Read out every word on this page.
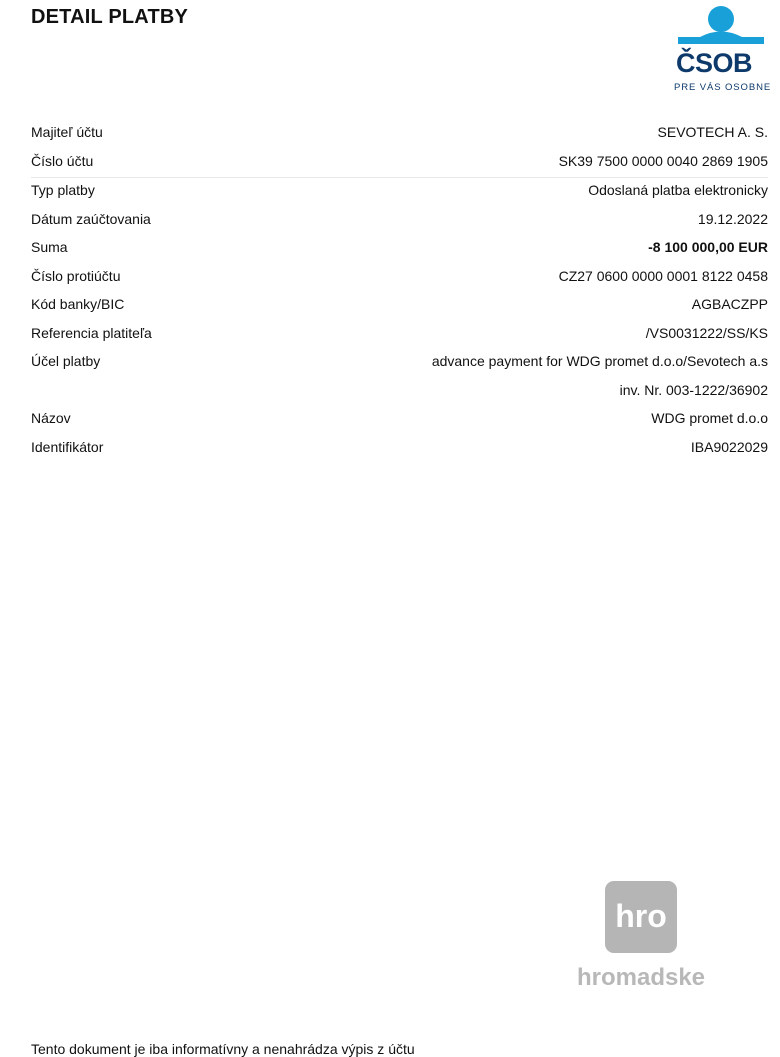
DETAIL PLATBY
ČSOB
PRE VÁS OSOBNE
Majiteľ účtu	SEVOTECH A. S.
Číslo účtu	SK39 7500 0000 0040 2869 1905
Typ platby	Odoslaná platba elektronicky
Dátum zaúčtovania	19.12.2022
Suma	-8 100 000,00 EUR
Číslo protiúčtu	CZ27 0600 0000 0001 8122 0458
Kód banky/BIC	AGBACZPP
Referencia platiteľa	/VS0031222/SS/KS
Účel platby	advance payment for WDG promet d.o.o/Sevotech a.s
inv. Nr. 003-1222/36902
Názov	WDG promet d.o.o
Identifikátor	IBA9022029
hro
hromadske
Tento dokument je iba informatívny a nenahrádza výpis z účtu
